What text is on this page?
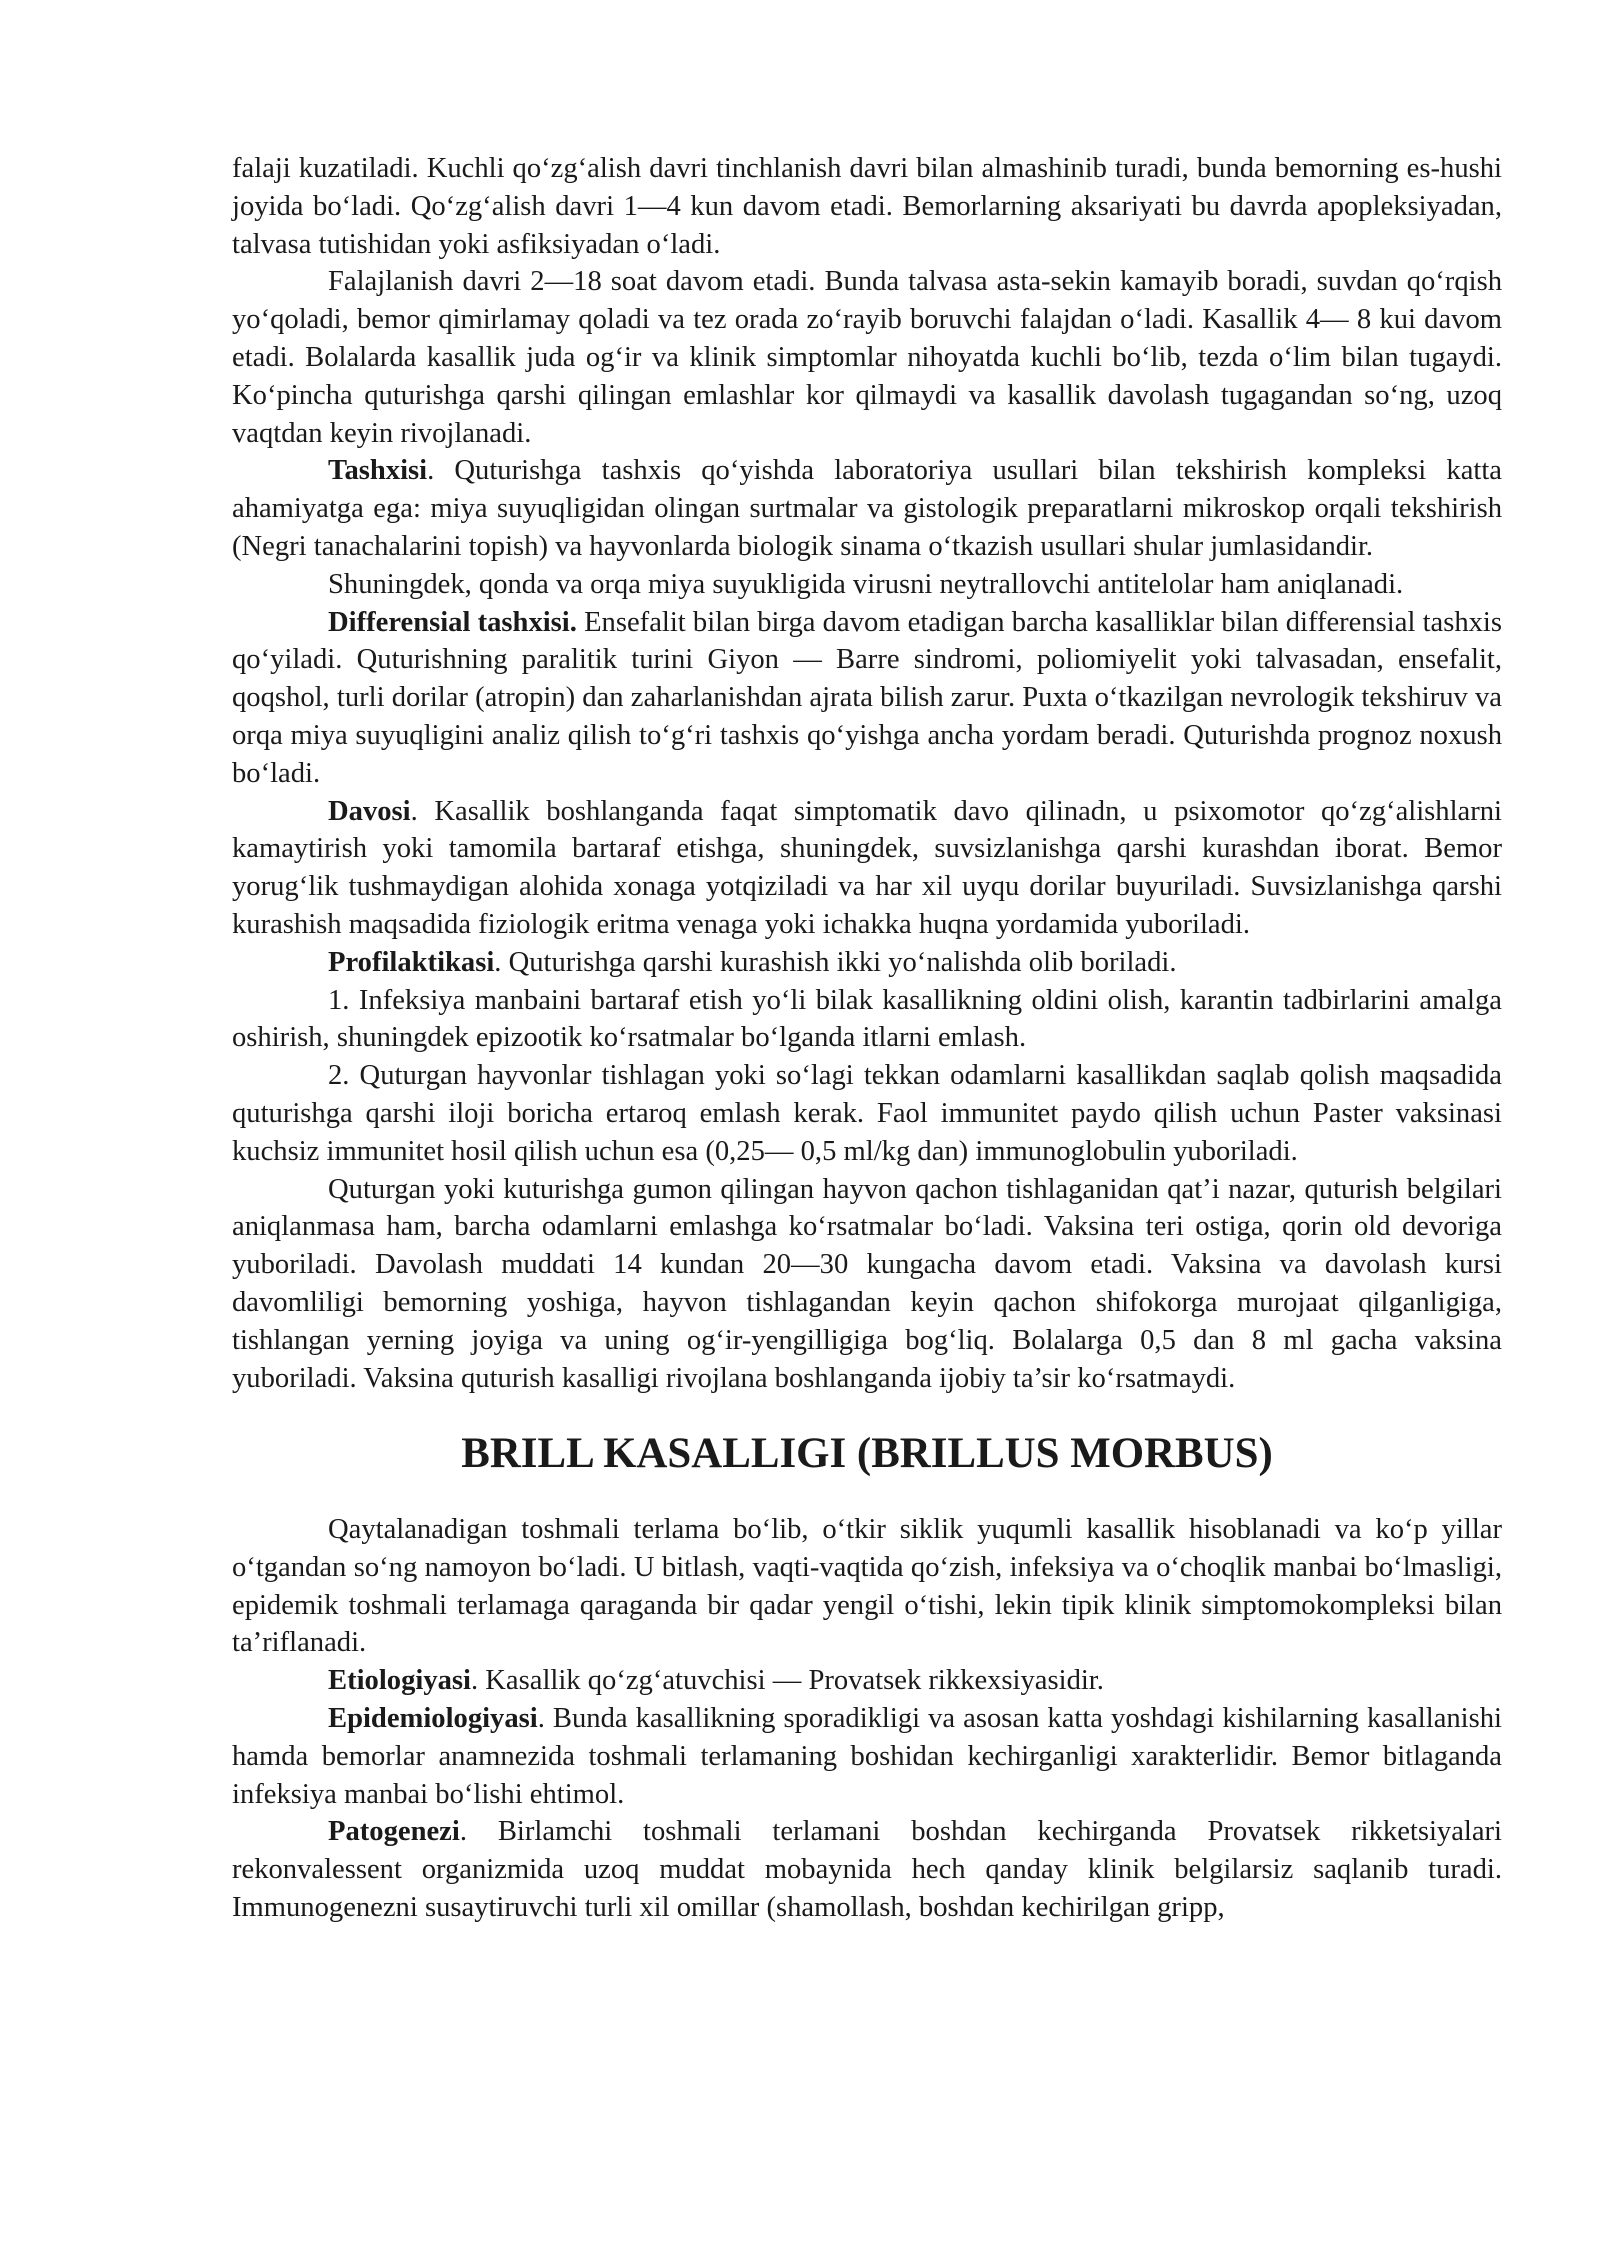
falaji kuzatiladi. Kuchli qo‘zg‘alish davri tinchlanish davri bilan almashinib turadi, bunda bemorning es-hushi joyida bo‘ladi. Qo‘zg‘alish davri 1—4 kun davom etadi. Bemorlarning aksariyati bu davrda apopleksiyadan, talvasa tutishidan yoki asfiksiyadan o‘ladi.

Falajlanish davri 2—18 soat davom etadi. Bunda talvasa asta-sekin kamayib boradi, suvdan qo‘rqish yo‘qoladi, bemor qimirlamay qoladi va tez orada zo‘rayib boruvchi falajdan o‘ladi. Kasallik 4— 8 kui davom etadi. Bolalarda kasallik juda og‘ir va klinik simptomlar nihoyatda kuchli bo‘lib, tezda o‘lim bilan tugaydi. Ko‘pincha quturishga qarshi qilingan emlashlar kor qilmaydi va kasallik davolash tugagandan so‘ng, uzoq vaqtdan keyin rivojlanadi.

Tashxisi. Quturishga tashxis qo‘yishda laboratoriya usullari bilan tekshirish kompleksi katta ahamiyatga ega: miya suyuqligidan olingan surtmalar va gistologik preparatlarni mikroskop orqali tekshirish (Negri tanachalarini topish) va hayvonlarda biologik sinama o‘tkazish usullari shular jumlasidandir.

Shuningdek, qonda va orqa miya suyukligida virusni neytrallovchi antitelolar ham aniqlanadi.

Differensial tashxisi. Ensefalit bilan birga davom etadigan barcha kasalliklar bilan differensial tashxis qo‘yiladi. Quturishning paralitik turini Giyon — Barre sindromi, poliomiyelit yoki talvasadan, ensefalit, qoqshol, turli dorilar (atropin) dan zaharlanishdan ajrata bilish zarur. Puxta o‘tkazilgan nevrologik tekshiruv va orqa miya suyuqligini analiz qilish to‘g‘ri tashxis qo‘yishga ancha yordam beradi. Quturishda prognoz noxush bo‘ladi.

Davosi. Kasallik boshlanganda faqat simptomatik davo qilinadn, u psixomotor qo‘zg‘alishlarni kamaytirish yoki tamomila bartaraf etishga, shuningdek, suvsizlanishga qarshi kurashdan iborat. Bemor yorug‘lik tushmaydigan alohida xonaga yotqiziladi va har xil uyqu dorilar buyuriladi. Suvsizlanishga qarshi kurashish maqsadida fiziologik eritma venaga yoki ichakka huqna yordamida yuboriladi.

Profilaktikasi. Quturishga qarshi kurashish ikki yo‘nalishda olib boriladi.

1. Infeksiya manbaini bartaraf etish yo‘li bilak kasallikning oldini olish, karantin tadbirlarini amalga oshirish, shuningdek epizootik ko‘rsatmalar bo‘lganda itlarni emlash.

2. Quturgan hayvonlar tishlagan yoki so‘lagi tekkan odamlarni kasallikdan saqlab qolish maqsadida quturishga qarshi iloji boricha ertaroq emlash kerak. Faol immunitet paydo qilish uchun Paster vaksinasi kuchsiz immunitet hosil qilish uchun esa (0,25— 0,5 ml/kg dan) immunoglobulin yuboriladi.

Quturgan yoki kuturishga gumon qilingan hayvon qachon tishlaganidan qat’i nazar, quturish belgilari aniqlanmasa ham, barcha odamlarni emlashga ko‘rsatmalar bo‘ladi. Vaksina teri ostiga, qorin old devoriga yuboriladi. Davolash muddati 14 kundan 20—30 kungacha davom etadi. Vaksina va davolash kursi davomliligi bemorning yoshiga, hayvon tishlagandan keyin qachon shifokorga murojaat qilganligiga, tishlangan yerning joyiga va uning og‘ir-yengilligiga bog‘liq. Bolalarga 0,5 dan 8 ml gacha vaksina yuboriladi. Vaksina quturish kasalligi rivojlana boshlanganda ijobiy ta’sir ko‘rsatmaydi.

BRILL KASALLIGI (BRILLUS MORBUS)

Qaytalanadigan toshmali terlama bo‘lib, o‘tkir siklik yuqumli kasallik hisoblanadi va ko‘p yillar o‘tgandan so‘ng namoyon bo‘ladi. U bitlash, vaqti-vaqtida qo‘zish, infeksiya va o‘choqlik manbai bo‘lmasligi, epidemik toshmali terlamaga qaraganda bir qadar yengil o‘tishi, lekin tipik klinik simptomokompleksi bilan ta’riflanadi.

Etiologiyasi. Kasallik qo‘zg‘atuvchisi — Provatsek rikkexsiyasidir.

Epidemiologiyasi. Bunda kasallikning sporadikligi va asosan katta yoshdagi kishilarning kasallanishi hamda bemorlar anamnezida toshmali terlamaning boshidan kechirganligi xarakterlidir. Bemor bitlaganda infeksiya manbai bo‘lishi ehtimol.

Patogenezi. Birlamchi toshmali terlamani boshdan kechirganda Provatsek rikketsiyalari rekonvalessent organizmida uzoq muddat mobaynida hech qanday klinik belgilarsiz saqlanib turadi. Immunogenezni susaytiruvchi turli xil omillar (shamollash, boshdan kechirilgan gripp,
